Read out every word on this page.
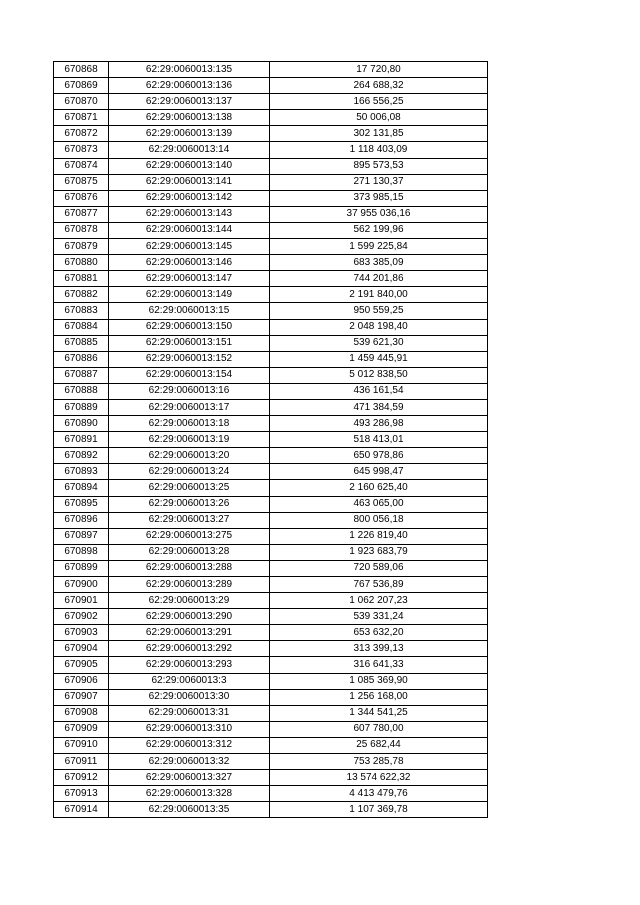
670868	62:29:0060013:135	17 720,80
670869	62:29:0060013:136	264 688,32
670870	62:29:0060013:137	166 556,25
670871	62:29:0060013:138	50 006,08
670872	62:29:0060013:139	302 131,85
670873	62:29:0060013:14	1 118 403,09
670874	62:29:0060013:140	895 573,53
670875	62:29:0060013:141	271 130,37
670876	62:29:0060013:142	373 985,15
670877	62:29:0060013:143	37 955 036,16
670878	62:29:0060013:144	562 199,96
670879	62:29:0060013:145	1 599 225,84
670880	62:29:0060013:146	683 385,09
670881	62:29:0060013:147	744 201,86
670882	62:29:0060013:149	2 191 840,00
670883	62:29:0060013:15	950 559,25
670884	62:29:0060013:150	2 048 198,40
670885	62:29:0060013:151	539 621,30
670886	62:29:0060013:152	1 459 445,91
670887	62:29:0060013:154	5 012 838,50
670888	62:29:0060013:16	436 161,54
670889	62:29:0060013:17	471 384,59
670890	62:29:0060013:18	493 286,98
670891	62:29:0060013:19	518 413,01
670892	62:29:0060013:20	650 978,86
670893	62:29:0060013:24	645 998,47
670894	62:29:0060013:25	2 160 625,40
670895	62:29:0060013:26	463 065,00
670896	62:29:0060013:27	800 056,18
670897	62:29:0060013:275	1 226 819,40
670898	62:29:0060013:28	1 923 683,79
670899	62:29:0060013:288	720 589,06
670900	62:29:0060013:289	767 536,89
670901	62:29:0060013:29	1 062 207,23
670902	62:29:0060013:290	539 331,24
670903	62:29:0060013:291	653 632,20
670904	62:29:0060013:292	313 399,13
670905	62:29:0060013:293	316 641,33
670906	62:29:0060013:3	1 085 369,90
670907	62:29:0060013:30	1 256 168,00
670908	62:29:0060013:31	1 344 541,25
670909	62:29:0060013:310	607 780,00
670910	62:29:0060013:312	25 682,44
670911	62:29:0060013:32	753 285,78
670912	62:29:0060013:327	13 574 622,32
670913	62:29:0060013:328	4 413 479,76
670914	62:29:0060013:35	1 107 369,78
